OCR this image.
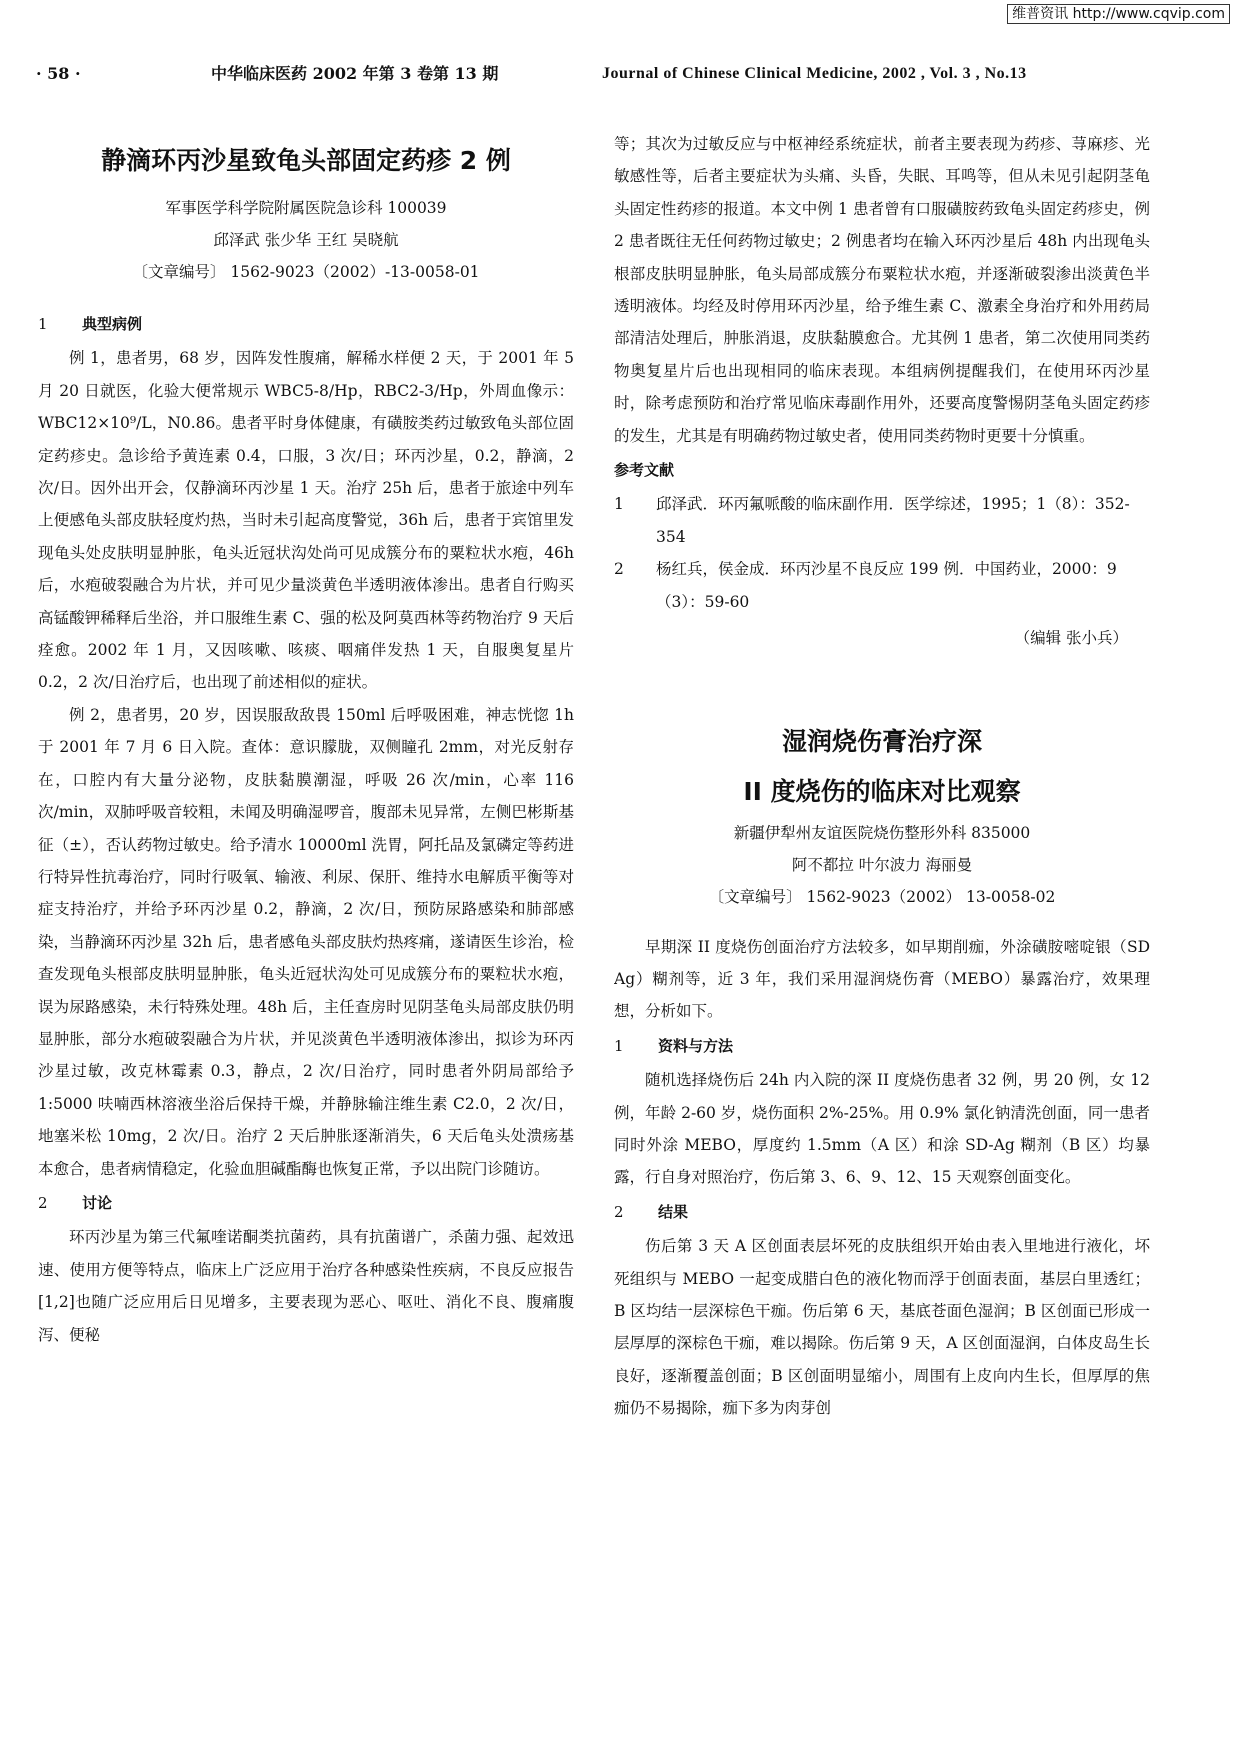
维普资讯 http://www.cqvip.com
· 58 ·	中华临床医药 2002 年第 3 卷第 13 期	Journal of Chinese Clinical Medicine, 2002 , Vol. 3 , No.13
静滴环丙沙星致龟头部固定药疹 2 例
军事医学科学院附属医院急诊科 100039
邱泽武 张少华 王红 吴晓航
〔文章编号〕 1562-9023（2002）-13-0058-01
1 典型病例

例 1，患者男，68 岁，因阵发性腹痛，解稀水样便 2 天，于 2001 年 5 月 20 日就医，化验大便常规示 WBC5-8/Hp，RBC2-3/Hp，外周血像示：WBC12×10⁹/L，N0.86。患者平时身体健康，有磺胺类药过敏致龟头部位固定药疹史。急诊给予黄连素 0.4，口服，3 次/日；环丙沙星，0.2，静滴，2 次/日。因外出开会，仅静滴环丙沙星 1 天。治疗 25h 后，患者于旅途中列车上便感龟头部皮肤轻度灼热，当时未引起高度警觉，36h 后，患者于宾馆里发现龟头处皮肤明显肿胀，龟头近冠状沟处尚可见成簇分布的粟粒状水疱，46h 后，水疱破裂融合为片状，并可见少量淡黄色半透明液体渗出。患者自行购买高锰酸钾稀释后坐浴，并口服维生素 C、强的松及阿莫西林等药物治疗 9 天后痊愈。2002 年 1 月，又因咳嗽、咳痰、咽痛伴发热 1 天，自服奥复星片 0.2，2 次/日治疗后，也出现了前述相似的症状。

例 2，患者男，20 岁，因误服敌敌畏 150ml 后呼吸困难，神志恍惚 1h 于 2001 年 7 月 6 日入院。查体：意识朦胧，双侧瞳孔 2mm，对光反射存在，口腔内有大量分泌物，皮肤黏膜潮湿，呼吸 26 次/min，心率 116 次/min，双肺呼吸音较粗，未闻及明确湿啰音，腹部未见异常，左侧巴彬斯基征（±），否认药物过敏史。给予清水 10000ml 洗胃，阿托品及氯磷定等药进行特异性抗毒治疗，同时行吸氧、输液、利尿、保肝、维持水电解质平衡等对症支持治疗，并给予环丙沙星 0.2，静滴，2 次/日，预防尿路感染和肺部感染，当静滴环丙沙星 32h 后，患者感龟头部皮肤灼热疼痛，遂请医生诊治，检查发现龟头根部皮肤明显肿胀，龟头近冠状沟处可见成簇分布的粟粒状水疱，误为尿路感染，未行特殊处理。48h 后，主任查房时见阴茎龟头局部皮肤仍明显肿胀，部分水疱破裂融合为片状，并见淡黄色半透明液体渗出，拟诊为环丙沙星过敏，改克林霉素 0.3，静点，2 次/日治疗，同时患者外阴局部给予 1:5000 呋喃西林溶液坐浴后保持干燥，并静脉输注维生素 C2.0，2 次/日，地塞米松 10mg，2 次/日。治疗 2 天后肿胀逐渐消失，6 天后龟头处溃疡基本愈合，患者病情稳定，化验血胆碱酯酶也恢复正常，予以出院门诊随访。

2 讨论

环丙沙星为第三代氟喹诺酮类抗菌药，具有抗菌谱广，杀菌力强、起效迅速、使用方便等特点，临床上广泛应用于治疗各种感染性疾病，不良反应报告[1,2]也随广泛应用后日见增多，主要表现为恶心、呕吐、消化不良、腹痛腹泻、便秘

等；其次为过敏反应与中枢神经系统症状，前者主要表现为药疹、荨麻疹、光敏感性等，后者主要症状为头痛、头昏，失眠、耳鸣等，但从未见引起阴茎龟头固定性药疹的报道。本文中例 1 患者曾有口服磺胺药致龟头固定药疹史，例 2 患者既往无任何药物过敏史；2 例患者均在输入环丙沙星后 48h 内出现龟头根部皮肤明显肿胀，龟头局部成簇分布粟粒状水疱，并逐渐破裂渗出淡黄色半透明液体。均经及时停用环丙沙星，给予维生素 C、激素全身治疗和外用药局部清洁处理后，肿胀消退，皮肤黏膜愈合。尤其例 1 患者，第二次使用同类药物奥复星片后也出现相同的临床表现。本组病例提醒我们，在使用环丙沙星时，除考虑预防和治疗常见临床毒副作用外，还要高度警惕阴茎龟头固定药疹的发生，尤其是有明确药物过敏史者，使用同类药物时更要十分慎重。

参考文献
1	邱泽武．环丙氟哌酸的临床副作用．医学综述，1995；1（8）：352-354
2	杨红兵，侯金成．环丙沙星不良反应 199 例．中国药业，2000：9（3）：59-60
（编辑 张小兵）
湿润烧伤膏治疗深
II 度烧伤的临床对比观察
新疆伊犁州友谊医院烧伤整形外科 835000
阿不都拉 叶尔波力 海丽曼
〔文章编号〕 1562-9023（2002） 13-0058-02

早期深 II 度烧伤创面治疗方法较多，如早期削痂，外涂磺胺嘧啶银（SD Ag）糊剂等，近 3 年，我们采用湿润烧伤膏（MEBO）暴露治疗，效果理想，分析如下。

1 资料与方法

随机选择烧伤后 24h 内入院的深 II 度烧伤患者 32 例，男 20 例，女 12 例，年龄 2-60 岁，烧伤面积 2%-25%。用 0.9% 氯化钠清洗创面，同一患者同时外涂 MEBO，厚度约 1.5mm（A 区）和涂 SD-Ag 糊剂（B 区）均暴露，行自身对照治疗，伤后第 3、6、9、12、15 天观察创面变化。

2 结果

伤后第 3 天 A 区创面表层坏死的皮肤组织开始由表入里地进行液化，坏死组织与 MEBO 一起变成腊白色的液化物而浮于创面表面，基层白里透红；B 区均结一层深棕色干痂。伤后第 6 天，基底苍面色湿润；B 区创面已形成一层厚厚的深棕色干痂，难以揭除。伤后第 9 天，A 区创面湿润，白体皮岛生长良好，逐渐覆盖创面；B 区创面明显缩小，周围有上皮向内生长，但厚厚的焦痂仍不易揭除，痂下多为肉芽创
